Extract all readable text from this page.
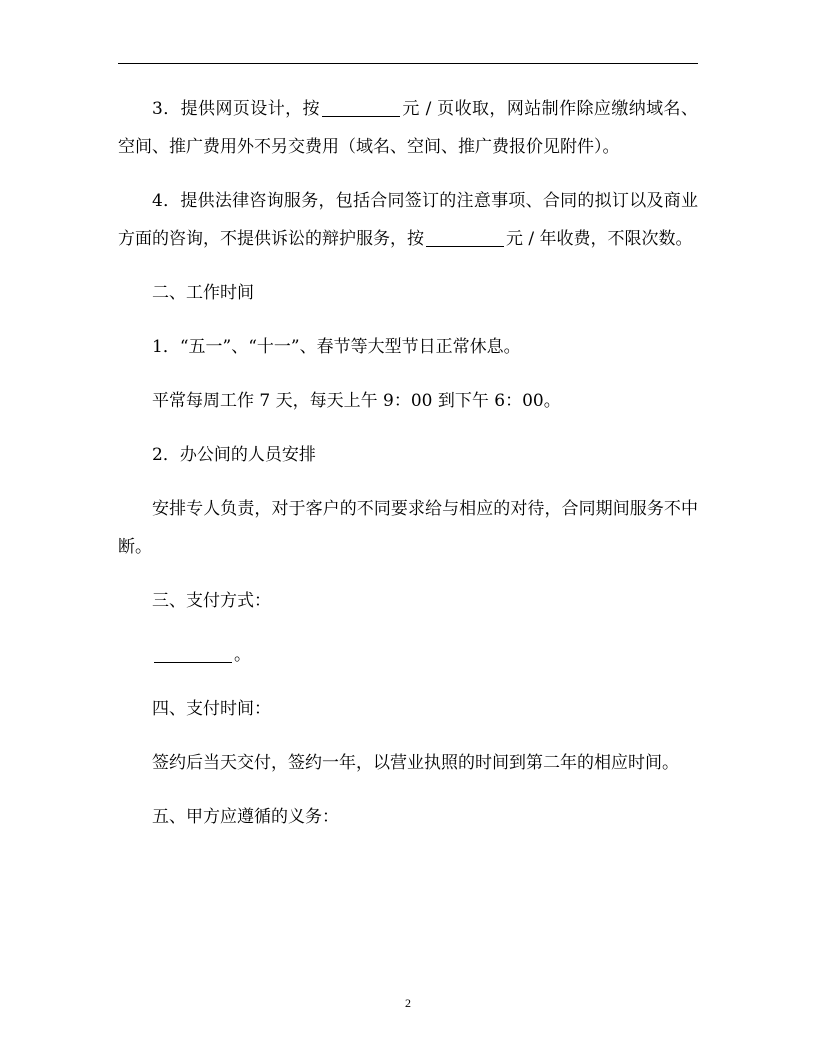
3．提供网页设计，按	元 / 页收取，网站制作除应缴纳域名、空间、推广费用外不另交费用（域名、空间、推广费报价见附件）。

4．提供法律咨询服务，包括合同签订的注意事项、合同的拟订以及商业方面的咨询，不提供诉讼的辩护服务，按	元 / 年收费，不限次数。

二、工作时间

1．“五一”、“十一”、春节等大型节日正常休息。

平常每周工作 7 天，每天上午 9：00 到下午 6：00。

2．办公间的人员安排

安排专人负责，对于客户的不同要求给与相应的对待，合同期间服务不中断。

三、支付方式：

。

四、支付时间：

签约后当天交付，签约一年，以营业执照的时间到第二年的相应时间。

五、甲方应遵循的义务：

2
